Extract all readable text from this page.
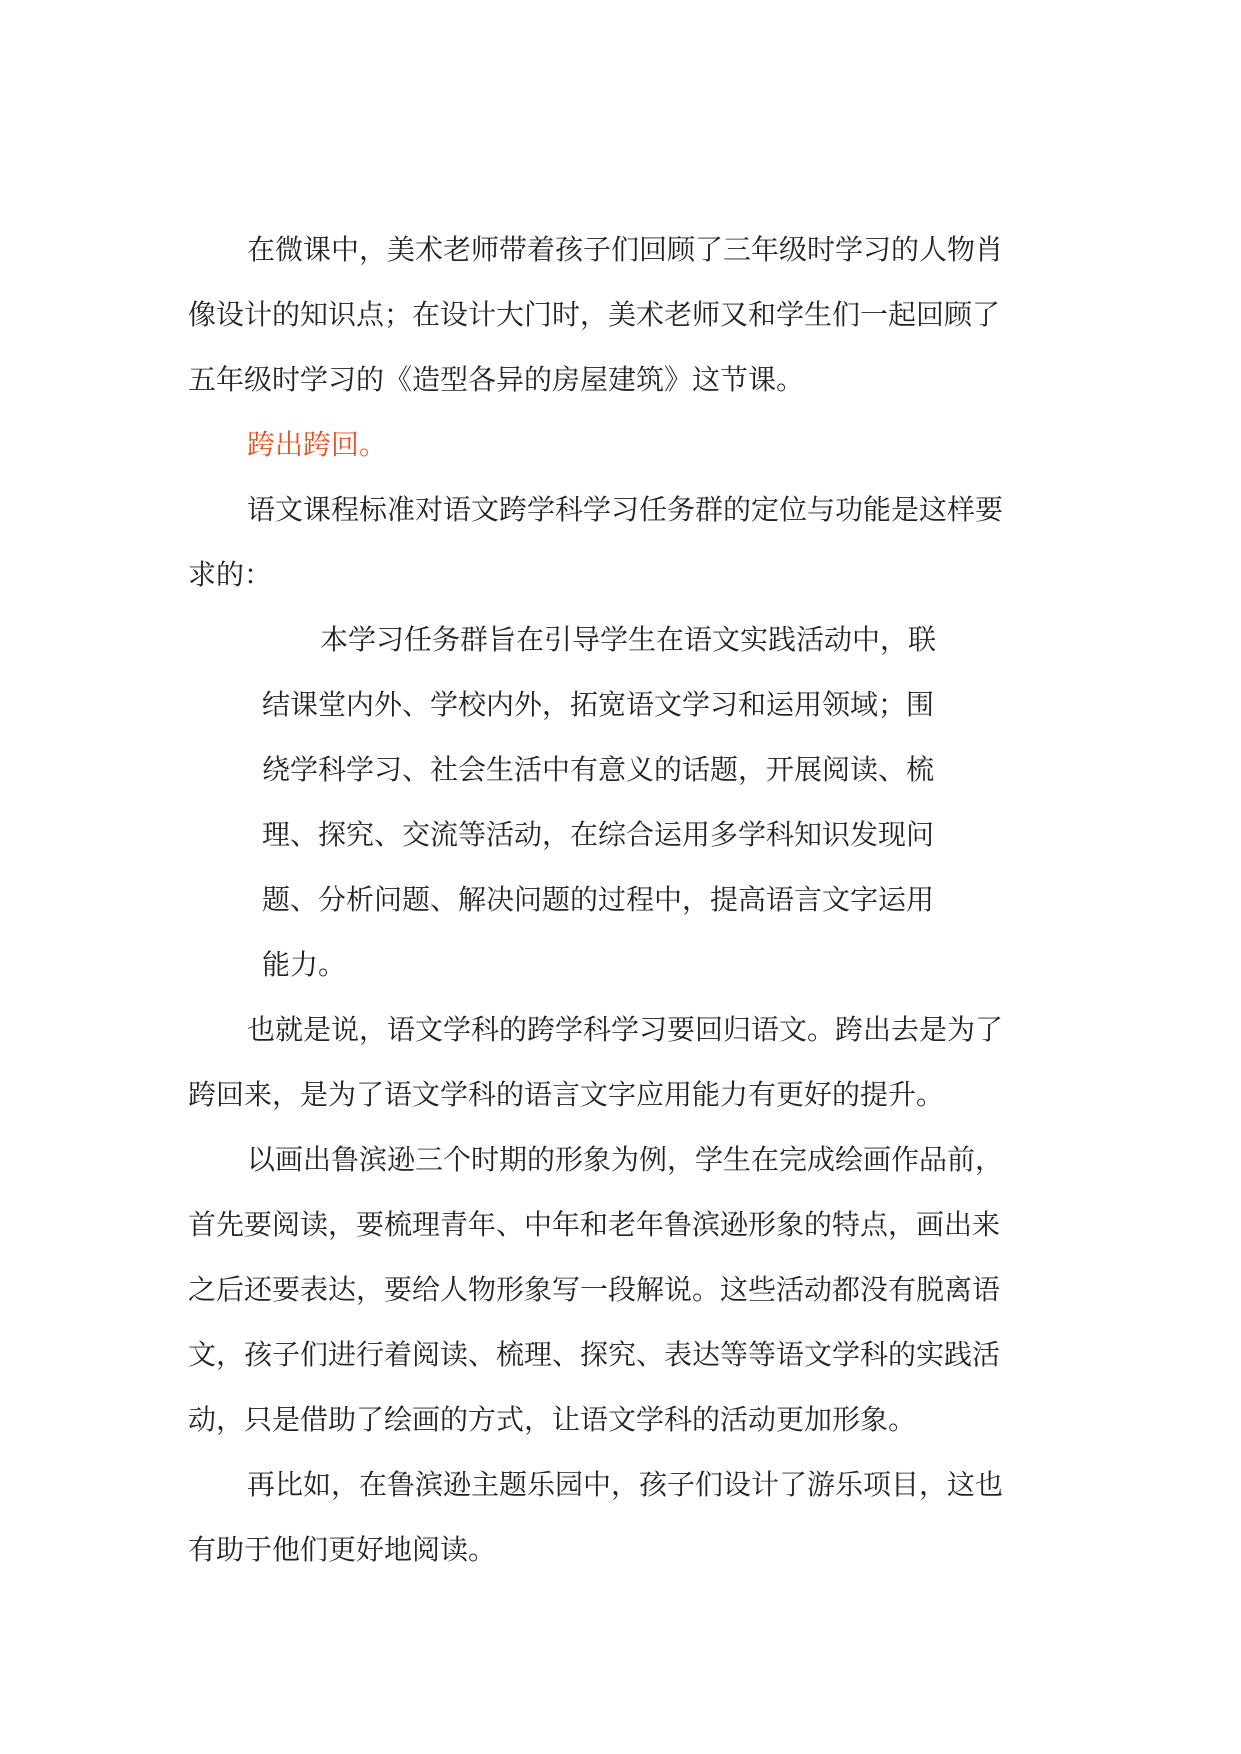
在微课中，美术老师带着孩子们回顾了三年级时学习的人物肖
像设计的知识点；在设计大门时，美术老师又和学生们一起回顾了
五年级时学习的《造型各异的房屋建筑》这节课。
跨出跨回。
语文课程标准对语文跨学科学习任务群的定位与功能是这样要
求的：
本学习任务群旨在引导学生在语文实践活动中，联
结课堂内外、学校内外，拓宽语文学习和运用领域；围
绕学科学习、社会生活中有意义的话题，开展阅读、梳
理、探究、交流等活动，在综合运用多学科知识发现问
题、分析问题、解决问题的过程中，提高语言文字运用
能力。
也就是说，语文学科的跨学科学习要回归语文。跨出去是为了
跨回来，是为了语文学科的语言文字应用能力有更好的提升。
以画出鲁滨逊三个时期的形象为例，学生在完成绘画作品前，
首先要阅读，要梳理青年、中年和老年鲁滨逊形象的特点，画出来
之后还要表达，要给人物形象写一段解说。这些活动都没有脱离语
文，孩子们进行着阅读、梳理、探究、表达等等语文学科的实践活
动，只是借助了绘画的方式，让语文学科的活动更加形象。
再比如，在鲁滨逊主题乐园中，孩子们设计了游乐项目，这也
有助于他们更好地阅读。
